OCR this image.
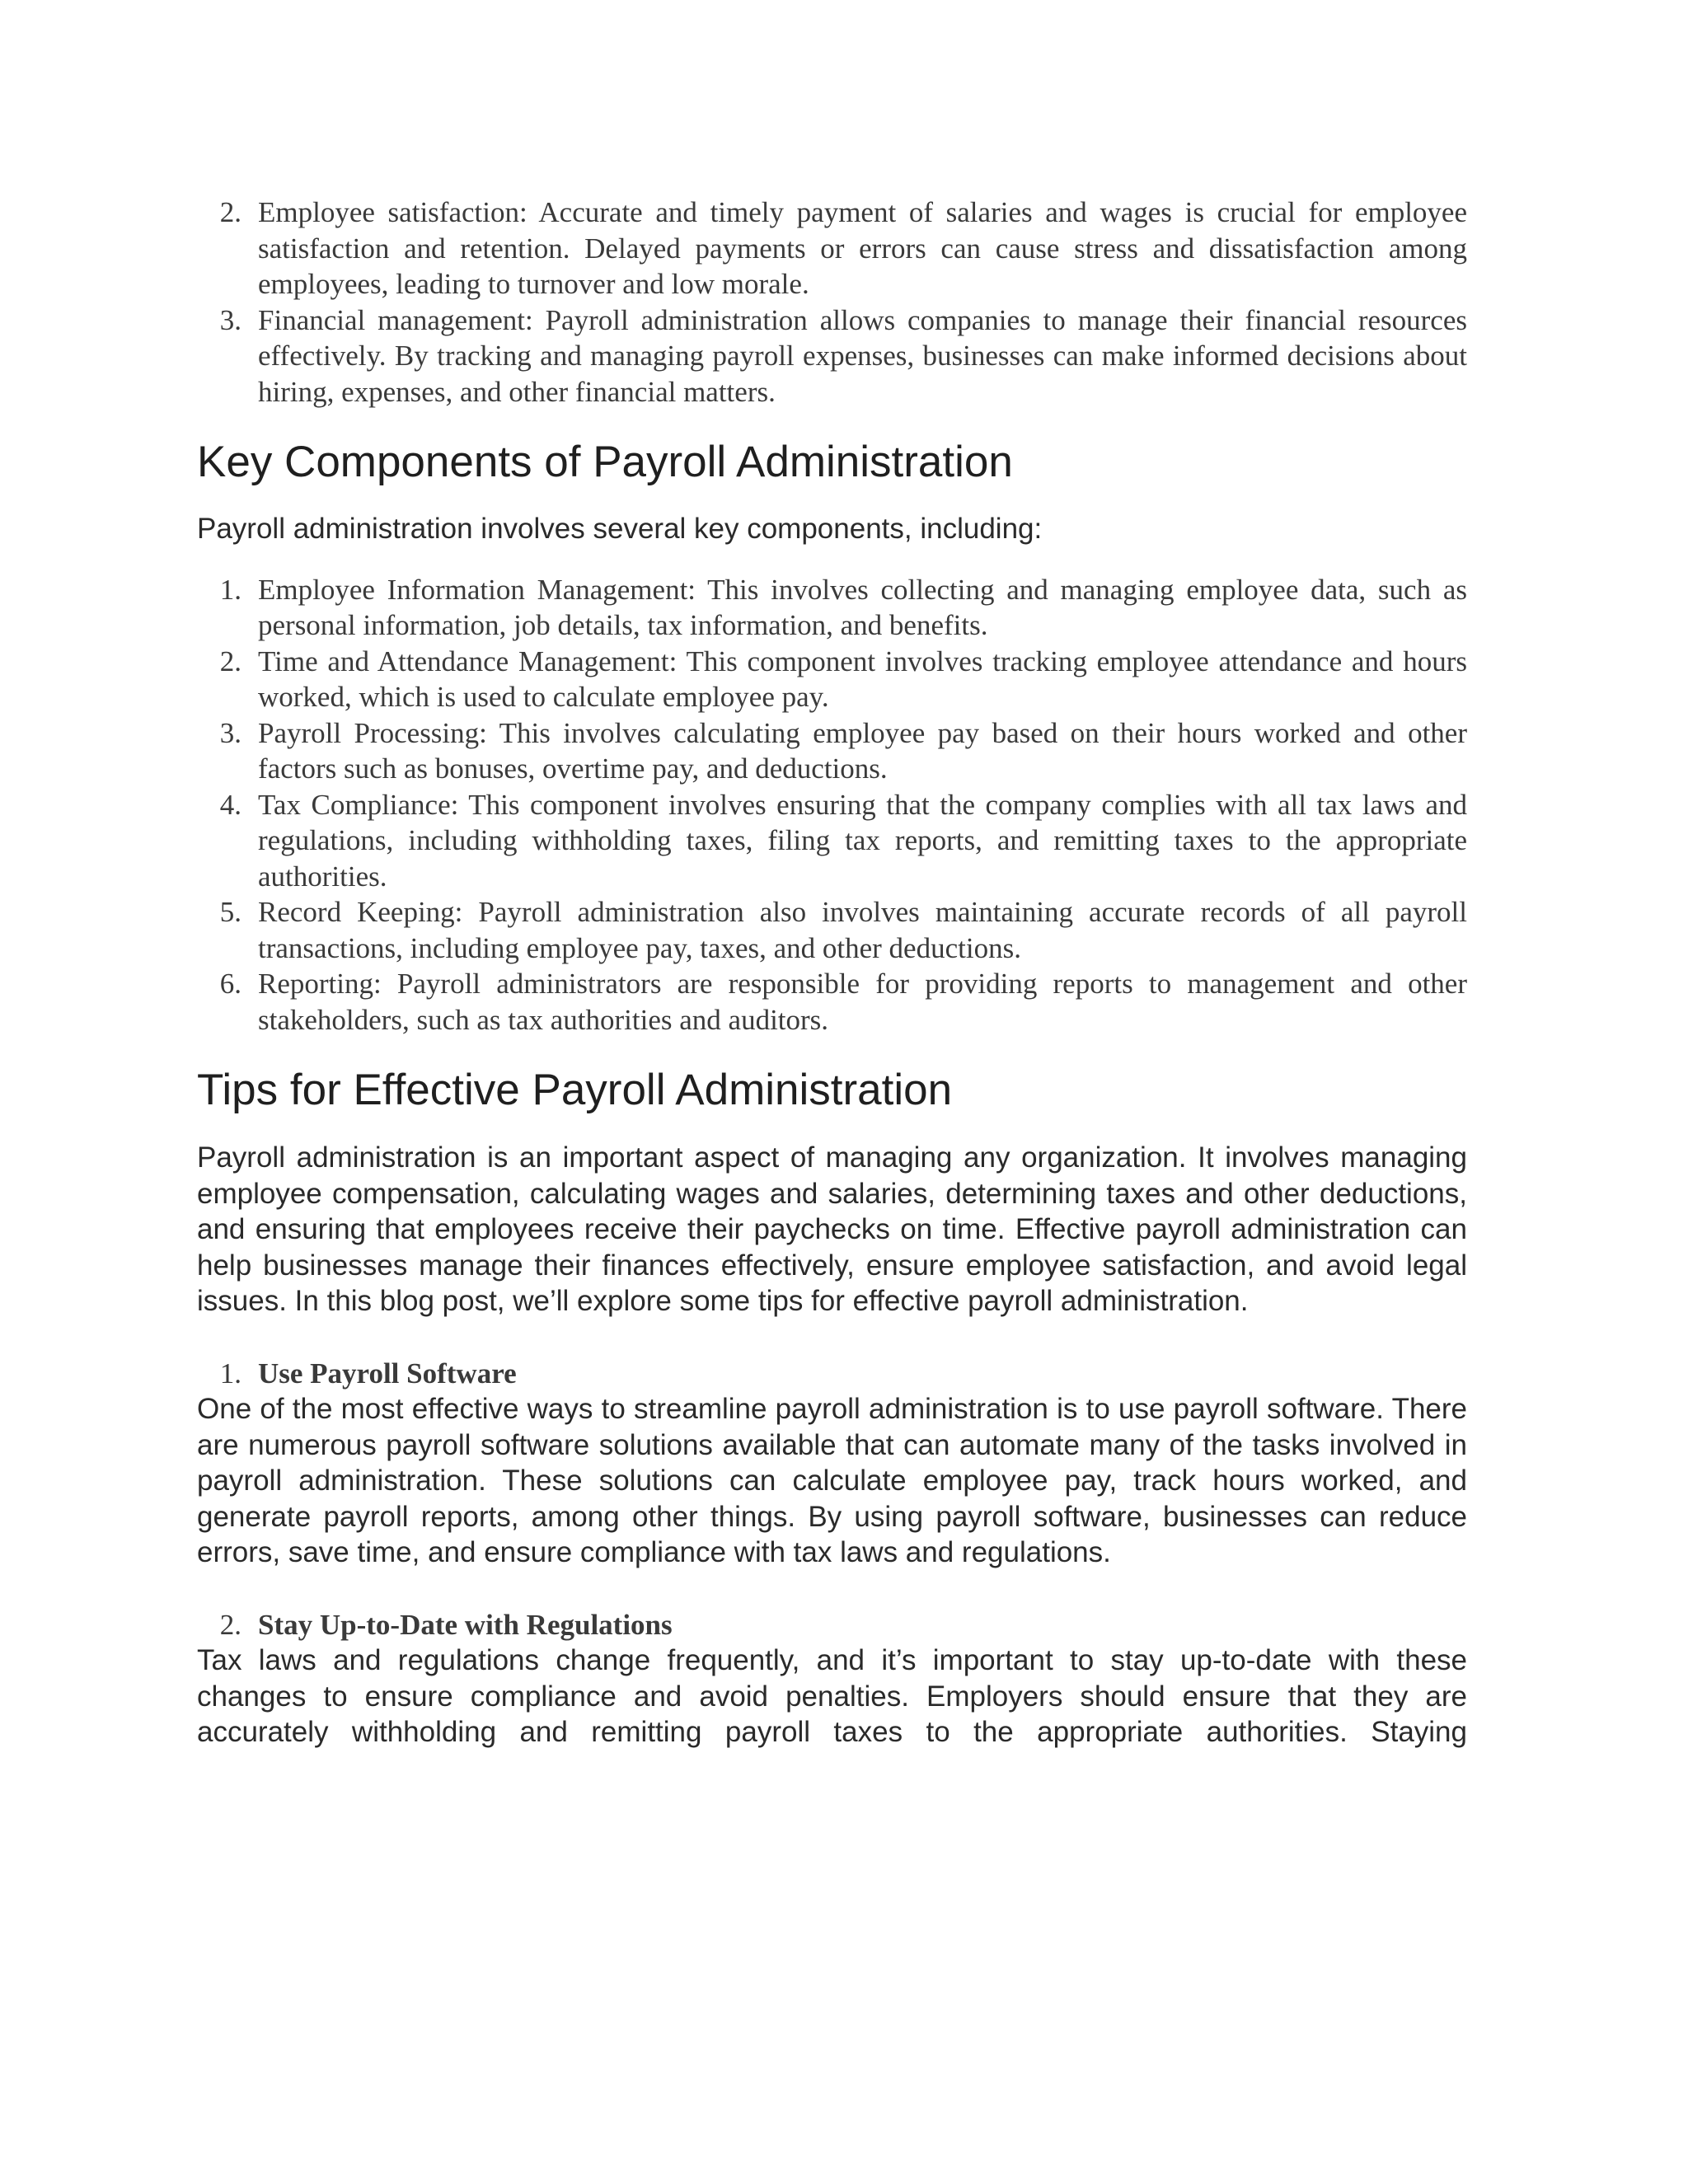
2. Employee satisfaction: Accurate and timely payment of salaries and wages is crucial for employee satisfaction and retention. Delayed payments or errors can cause stress and dissatisfaction among employees, leading to turnover and low morale.
3. Financial management: Payroll administration allows companies to manage their financial resources effectively. By tracking and managing payroll expenses, businesses can make informed decisions about hiring, expenses, and other financial matters.
Key Components of Payroll Administration

Payroll administration involves several key components, including:

1. Employee Information Management: This involves collecting and managing employee data, such as personal information, job details, tax information, and benefits.
2. Time and Attendance Management: This component involves tracking employee attendance and hours worked, which is used to calculate employee pay.
3. Payroll Processing: This involves calculating employee pay based on their hours worked and other factors such as bonuses, overtime pay, and deductions.
4. Tax Compliance: This component involves ensuring that the company complies with all tax laws and regulations, including withholding taxes, filing tax reports, and remitting taxes to the appropriate authorities.
5. Record Keeping: Payroll administration also involves maintaining accurate records of all payroll transactions, including employee pay, taxes, and other deductions.
6. Reporting: Payroll administrators are responsible for providing reports to management and other stakeholders, such as tax authorities and auditors.
Tips for Effective Payroll Administration

Payroll administration is an important aspect of managing any organization. It involves managing employee compensation, calculating wages and salaries, determining taxes and other deductions, and ensuring that employees receive their paychecks on time. Effective payroll administration can help businesses manage their finances effectively, ensure employee satisfaction, and avoid legal issues. In this blog post, we’ll explore some tips for effective payroll administration.

1. Use Payroll Software

One of the most effective ways to streamline payroll administration is to use payroll software. There are numerous payroll software solutions available that can automate many of the tasks involved in payroll administration. These solutions can calculate employee pay, track hours worked, and generate payroll reports, among other things. By using payroll software, businesses can reduce errors, save time, and ensure compliance with tax laws and regulations.

2. Stay Up-to-Date with Regulations

Tax laws and regulations change frequently, and it’s important to stay up-to-date with these changes to ensure compliance and avoid penalties. Employers should ensure that they are accurately withholding and remitting payroll taxes to the appropriate authorities. Staying
